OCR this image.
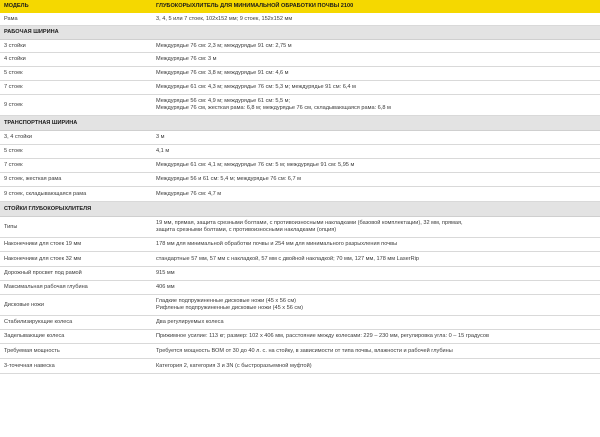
МОДЕЛЬ	ГЛУБОКОРЫХЛИТЕЛЬ ДЛЯ МИНИМАЛЬНОЙ ОБРАБОТКИ ПОЧВЫ 2100
Рама	3, 4, 5 или 7 стоек, 102x152 мм; 9 стоек, 152x152 мм

РАБОЧАЯ ШИРИНА	
3 стойки	Междурядье 76 см: 2,3 м; междурядье 91 см: 2,75 м

4 стойки	Междурядье 76 см: 3 м

5 стоек	Междурядье 76 см: 3,8 м; междурядье 91 см: 4,6 м

7 стоек	Междурядье 61 см: 4,3 м; междурядье 76 см: 5,3 м; междурядье 91 см: 6,4 м

9 стоек	Междурядье 56 см: 4,9 м; междурядье 61 см: 5,5 м;
Междурядье 76 см, жесткая рама: 6,8 м; междурядье 76 см, складывающаяся рама: 6,8 м

ТРАНСПОРТНАЯ ШИРИНА	
3, 4 стойки	3 м

5 стоек	4,1 м

7 стоек	Междурядье 61 см: 4,1 м; междурядье 76 см: 5 м; междурядье 91 см: 5,95 м

9 стоек, жесткая рама	Междурядье 56 и 61 см: 5,4 м; междурядье 76 см: 6,7 м

9 стоек, складывающаяся рама	Междурядье 76 см: 4,7 м

СТОЙКИ ГЛУБОКОРЫХЛИТЕЛЯ	
Типы	19 мм, прямая, защита срезными болтами, с противоизносными накладками (базовой комплектации), 32 мм, прямая,
защита срезными болтами, с противоизносными накладками (опция)

Наконечники для стоек 19 мм	178 мм для минимальной обработки почвы и 254 мм для минимального разрыхления почвы

Наконечники для стоек 32 мм	стандартные 57 мм, 57 мм с накладкой, 57 мм с двойной накладкой; 70 мм, 127 мм, 178 мм LaserRip

Дорожный просвет под рамой	915 мм

Максимальная рабочая глубина	406 мм

Дисковые ножи	Гладкие подпружиненные дисковые ножи (45 x 56 см)
Рифленые подпружиненные дисковые ножи (45 x 56 см)

Стабилизирующие колеса	Два регулируемых колеса

Заделывающие колеса	Прижимное усилие: 113 кг; размер: 102 x 406 мм, расстояние между колесами: 229 – 230 мм, регулировка угла: 0 – 15 градусов

Требуемая мощность	Требуется мощность ВОМ от 30 до 40 л. с. на стойку, в зависимости от типа почвы, влажности и рабочей глубины

3-точечная навеска	Категория 2, категория 3 и 3N (с быстроразъемной муфтой)
